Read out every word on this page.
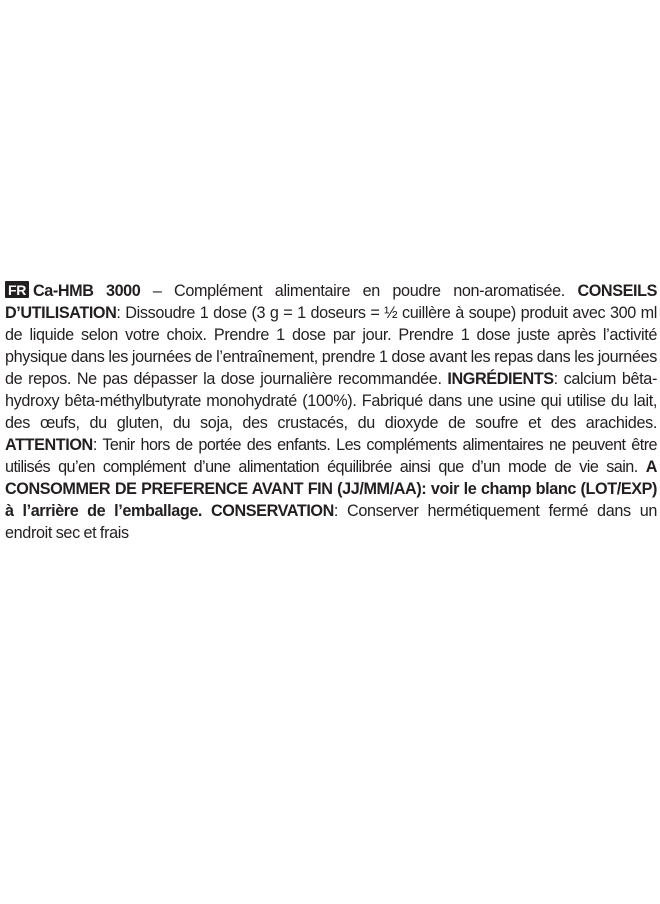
FR Ca-HMB 3000 – Complément alimentaire en poudre non-aromatisée. CONSEILS D’UTILISATION: Dissoudre 1 dose (3 g = 1 doseurs = ½ cuillère à soupe) produit avec 300 ml de liquide selon votre choix. Prendre 1 dose par jour. Prendre 1 dose juste après l’activité physique dans les journées de l’entraînement, prendre 1 dose avant les repas dans les journées de repos. Ne pas dépasser la dose journalière recommandée. INGRÉDIENTS: calcium bêta-hydroxy bêta-méthylbutyrate monohydraté (100%). Fabriqué dans une usine qui utilise du lait, des œufs, du gluten, du soja, des crustacés, du dioxyde de soufre et des arachides. ATTENTION: Tenir hors de portée des enfants. Les compléments alimentaires ne peuvent être utilisés qu’en complément d’une alimentation équilibrée ainsi que d’un mode de vie sain. A CONSOMMER DE PREFERENCE AVANT FIN (JJ/MM/AA): voir le champ blanc (LOT/EXP) à l’arrière de l’emballage. CONSERVATION: Conserver hermétiquement fermé dans un endroit sec et frais
